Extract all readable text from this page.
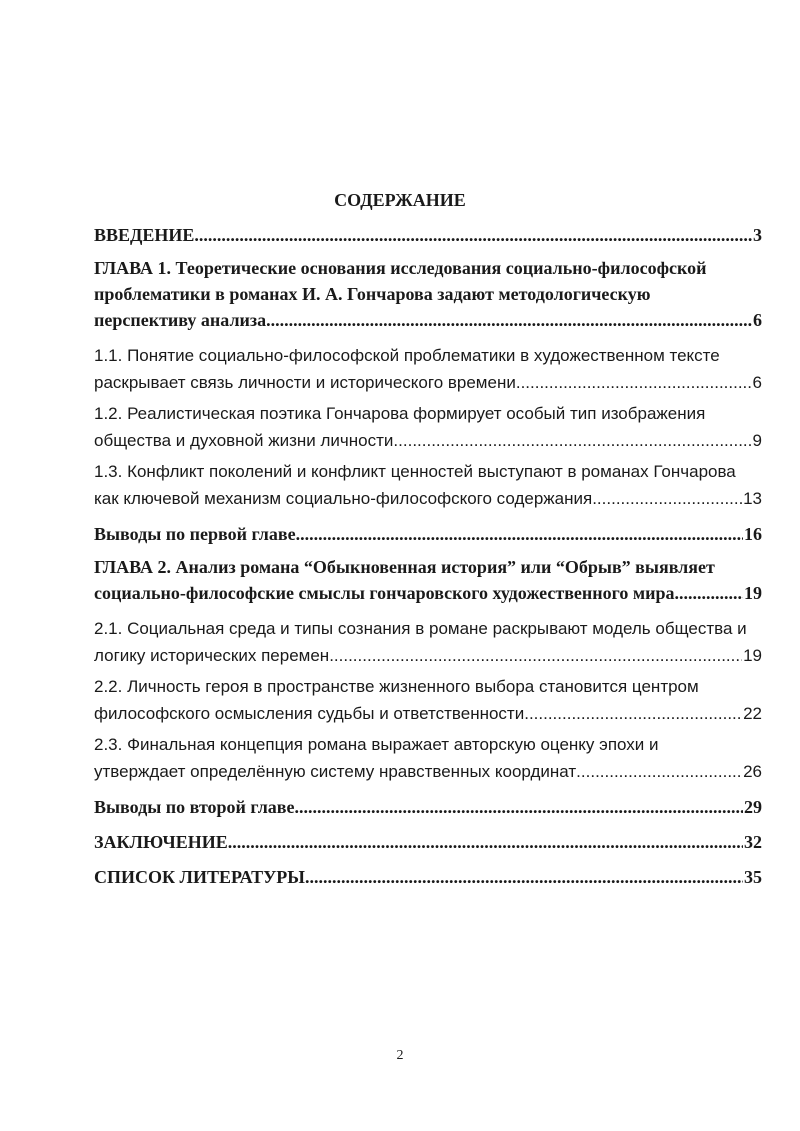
СОДЕРЖАНИЕ
ВВЕДЕНИЕ .....	3
ГЛАВА 1. Теоретические основания исследования социально-философской
проблематики в романах И. А. Гончарова задают методологическую
перспективу анализа .....	6
1.1. Понятие социально-философской проблематики в художественном тексте
раскрывает связь личности и исторического времени .....	6
1.2. Реалистическая поэтика Гончарова формирует особый тип изображения
общества и духовной жизни личности .....	9
1.3. Конфликт поколений и конфликт ценностей выступают в романах Гончарова
как ключевой механизм социально-философского содержания .....	13
Выводы по первой главе .....	16
ГЛАВА 2. Анализ романа “Обыкновенная история” или “Обрыв” выявляет
социально-философские смыслы гончаровского художественного мира .....	19
2.1. Социальная среда и типы сознания в романе раскрывают модель общества и
логику исторических перемен .....	19
2.2. Личность героя в пространстве жизненного выбора становится центром
философского осмысления судьбы и ответственности .....	22
2.3. Финальная концепция романа выражает авторскую оценку эпохи и
утверждает определённую систему нравственных координат .....	26
Выводы по второй главе .....	29
ЗАКЛЮЧЕНИЕ .....	32
СПИСОК ЛИТЕРАТУРЫ .....	35
2
